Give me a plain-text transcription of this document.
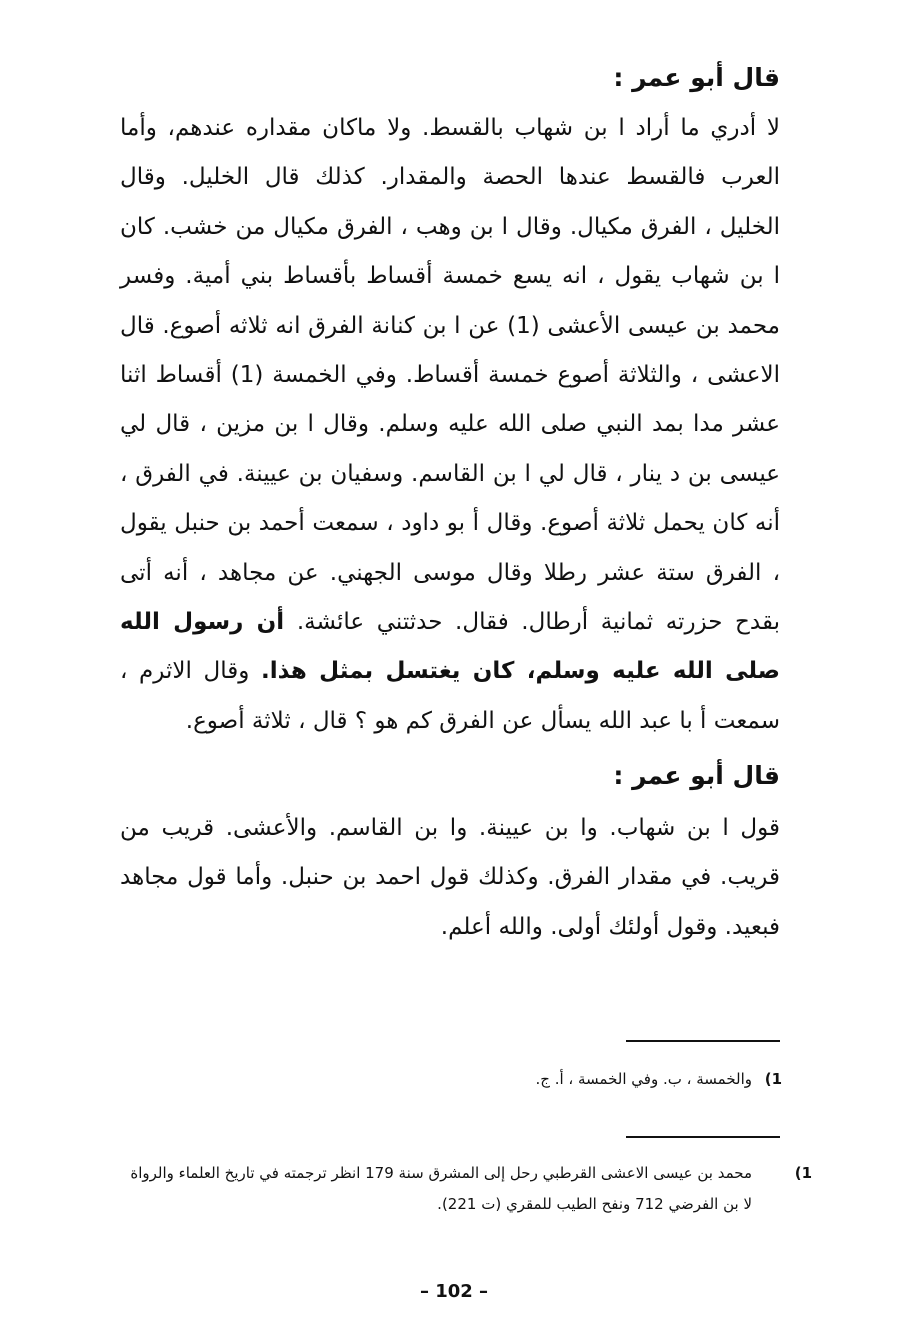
قال أبو عمر :

لا أدري ما أراد ا بن شهاب بالقسط. ولا ماكان مقداره عندهم، وأما العرب فالقسط عندها الحصة والمقدار. كذلك قال الخليل. وقال الخليل ، الفرق مكيال. وقال ا بن وهب ، الفرق مكيال من خشب. كان ا بن شهاب يقول ، انه يسع خمسة أقساط بأقساط بني أمية. وفسر محمد بن عيسى الأعشى (1) عن ا بن كنانة الفرق انه ثلاثه أصوع. قال الاعشى ، والثلاثة أصوع خمسة أقساط. وفي الخمسة (1) أقساط اثنا عشر مدا بمد النبي صلى الله عليه وسلم. وقال ا بن مزين ، قال لي عيسى بن د ينار ، قال لي ا بن القاسم. وسفيان بن عيينة. في الفرق ، أنه كان يحمل ثلاثة أصوع. وقال أ بو داود ، سمعت أحمد بن حنبل يقول ، الفرق ستة عشر رطلا وقال موسى الجهني. عن مجاهد ، أنه أتى بقدح حزرته ثمانية أرطال. فقال. حدثتني عائشة. أن رسول الله صلى الله عليه وسلم، كان يغتسل بمثل هذا. وقال الاثرم ، سمعت أ با عبد الله يسأل عن الفرق كم هو ؟ قال ، ثلاثة أصوع.

قال أبو عمر :

قول ا بن شهاب. وا بن عيينة. وا بن القاسم. والأعشى. قريب من قريب. في مقدار الفرق. وكذلك قول احمد بن حنبل. وأما قول مجاهد فبعيد. وقول أولئك أولى. والله أعلم.

1)والخمسة ، ب. وفي الخمسة ، أ. ج.
1)محمد بن عيسى الاعشى القرطبي رحل إلى المشرق سنة 179 انظر ترجمته في تاريخ العلماء والرواة لا بن الفرضي 712 ونفح الطيب للمقري (ت 221).
– 102 –
